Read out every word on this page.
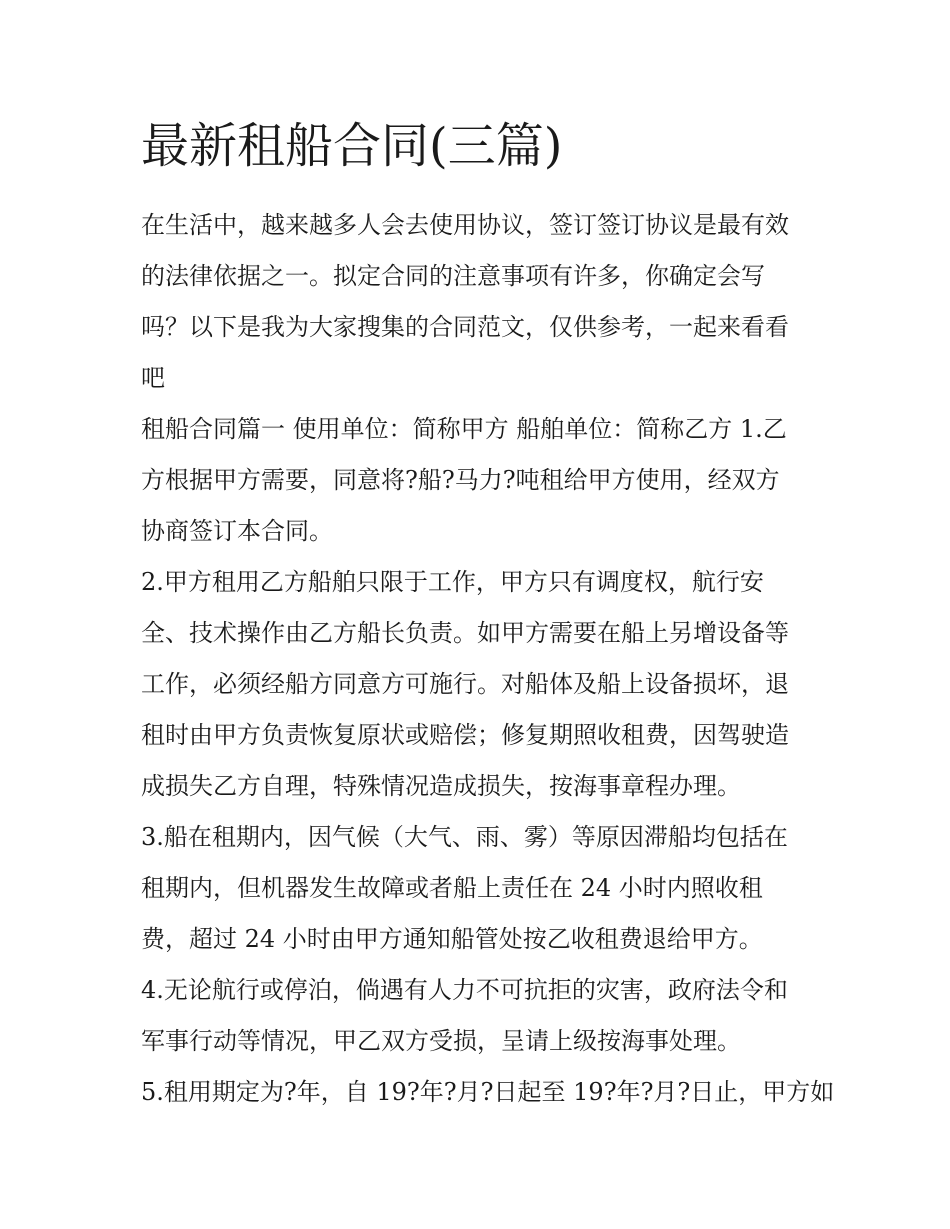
最新租船合同(三篇)
在生活中，越来越多人会去使用协议，签订签订协议是最有效
的法律依据之一。拟定合同的注意事项有许多，你确定会写
吗？以下是我为大家搜集的合同范文，仅供参考，一起来看看
吧
租船合同篇一 使用单位：简称甲方 船舶单位：简称乙方 1.乙
方根据甲方需要，同意将?船?马力?吨租给甲方使用，经双方
协商签订本合同。
2.甲方租用乙方船舶只限于工作，甲方只有调度权，航行安
全、技术操作由乙方船长负责。如甲方需要在船上另增设备等
工作，必须经船方同意方可施行。对船体及船上设备损坏，退
租时由甲方负责恢复原状或赔偿；修复期照收租费，因驾驶造
成损失乙方自理，特殊情况造成损失，按海事章程办理。
3.船在租期内，因气候（大气、雨、雾）等原因滞船均包括在
租期内，但机器发生故障或者船上责任在 24 小时内照收租
费，超过 24 小时由甲方通知船管处按乙收租费退给甲方。
4.无论航行或停泊，倘遇有人力不可抗拒的灾害，政府法令和
军事行动等情况，甲乙双方受损，呈请上级按海事处理。
5.租用期定为?年，自 19?年?月?日起至 19?年?月?日止，甲方如
